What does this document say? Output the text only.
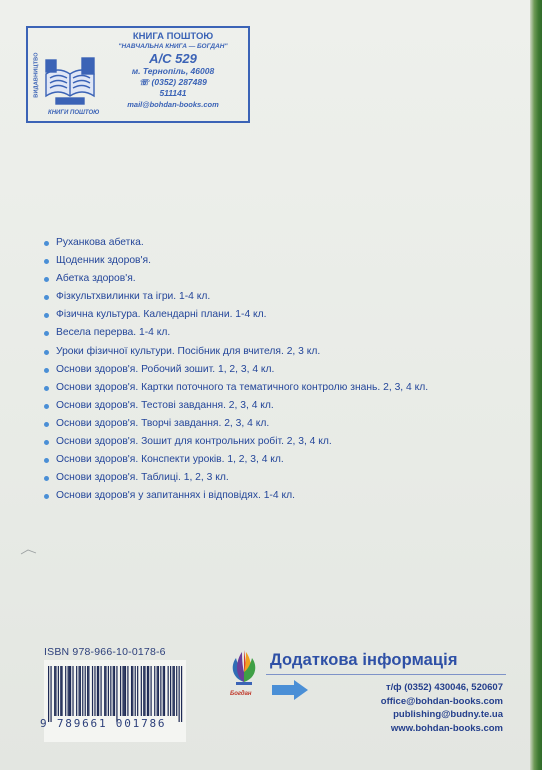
ВИДАВНИЦТВО
КНИГИ ПОШТОЮ
КНИГА ПОШТОЮ
"НАВЧАЛЬНА КНИГА — БОГДАН"
А/С 529
м. Тернопіль, 46008
☏ (0352) 287489
511141
mail@bohdan-books.com
Руханкова абетка.
Щоденник здоров'я.
Абетка здоров'я.
Фізкультхвилинки та ігри. 1-4 кл.
Фізична культура. Календарні плани. 1-4 кл.
Весела перерва. 1-4 кл.
Уроки фізичної культури. Посібник для вчителя. 2, 3 кл.
Основи здоров'я. Робочий зошит. 1, 2, 3, 4 кл.
Основи здоров'я. Картки поточного та тематичного контролю знань. 2, 3, 4 кл.
Основи здоров'я. Тестові завдання. 2, 3, 4 кл.
Основи здоров'я. Творчі завдання. 2, 3, 4 кл.
Основи здоров'я. Зошит для контрольних робіт. 2, 3, 4 кл.
Основи здоров'я. Конспекти уроків. 1, 2, 3, 4 кл.
Основи здоров'я. Таблиці. 1, 2, 3 кл.
Основи здоров'я у запитаннях і відповідях. 1-4 кл.
ISBN 978-966-10-0178-6
9 789661 001786
Богдан
Додаткова інформація
т/ф (0352) 430046, 520607
office@bohdan-books.com
publishing@budny.te.ua
www.bohdan-books.com
